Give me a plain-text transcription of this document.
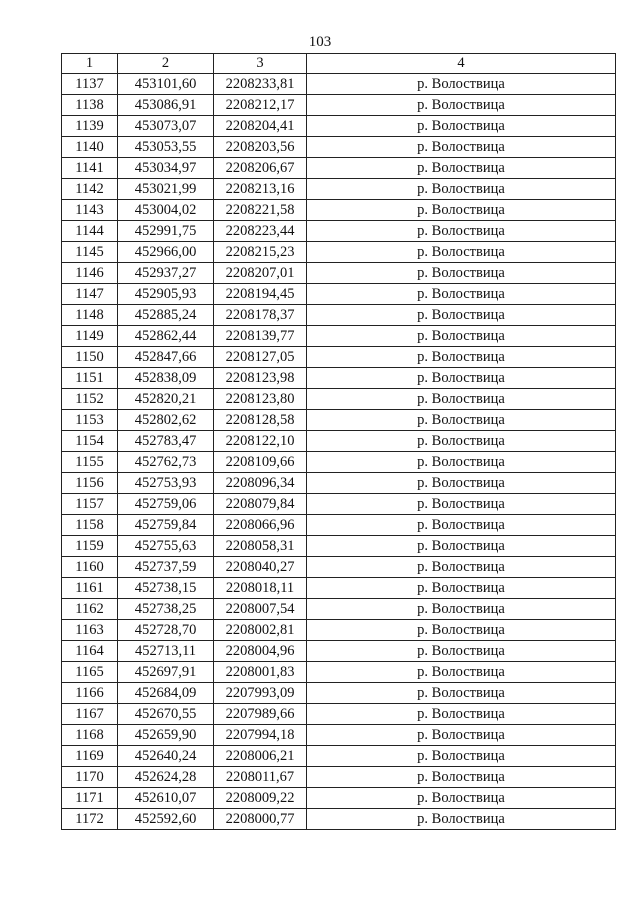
103
1	2	3	4
1137	453101,60	2208233,81	р. Волоствица
1138	453086,91	2208212,17	р. Волоствица
1139	453073,07	2208204,41	р. Волоствица
1140	453053,55	2208203,56	р. Волоствица
1141	453034,97	2208206,67	р. Волоствица
1142	453021,99	2208213,16	р. Волоствица
1143	453004,02	2208221,58	р. Волоствица
1144	452991,75	2208223,44	р. Волоствица
1145	452966,00	2208215,23	р. Волоствица
1146	452937,27	2208207,01	р. Волоствица
1147	452905,93	2208194,45	р. Волоствица
1148	452885,24	2208178,37	р. Волоствица
1149	452862,44	2208139,77	р. Волоствица
1150	452847,66	2208127,05	р. Волоствица
1151	452838,09	2208123,98	р. Волоствица
1152	452820,21	2208123,80	р. Волоствица
1153	452802,62	2208128,58	р. Волоствица
1154	452783,47	2208122,10	р. Волоствица
1155	452762,73	2208109,66	р. Волоствица
1156	452753,93	2208096,34	р. Волоствица
1157	452759,06	2208079,84	р. Волоствица
1158	452759,84	2208066,96	р. Волоствица
1159	452755,63	2208058,31	р. Волоствица
1160	452737,59	2208040,27	р. Волоствица
1161	452738,15	2208018,11	р. Волоствица
1162	452738,25	2208007,54	р. Волоствица
1163	452728,70	2208002,81	р. Волоствица
1164	452713,11	2208004,96	р. Волоствица
1165	452697,91	2208001,83	р. Волоствица
1166	452684,09	2207993,09	р. Волоствица
1167	452670,55	2207989,66	р. Волоствица
1168	452659,90	2207994,18	р. Волоствица
1169	452640,24	2208006,21	р. Волоствица
1170	452624,28	2208011,67	р. Волоствица
1171	452610,07	2208009,22	р. Волоствица
1172	452592,60	2208000,77	р. Волоствица
